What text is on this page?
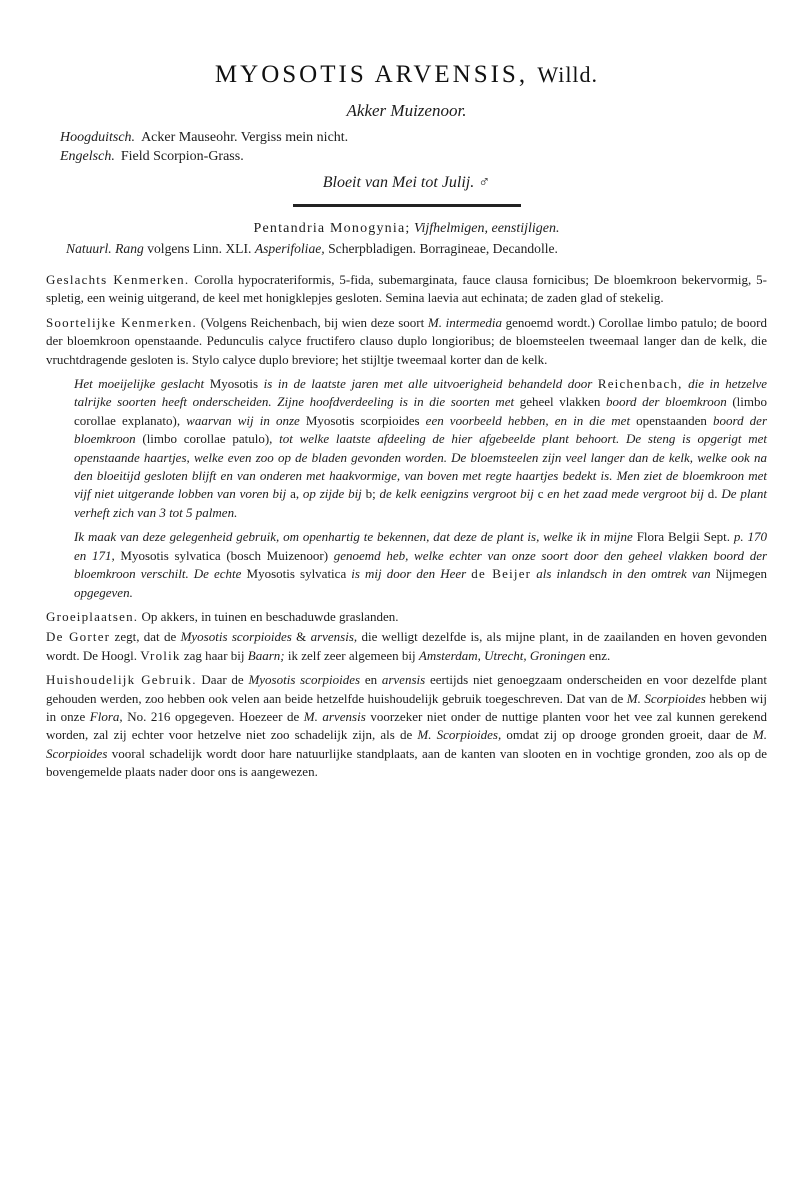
MYOSOTIS ARVENSIS, Willd.
Akker Muizenoor.
Hoogduitsch. Acker Mauseohr. Vergiss mein nicht.
Engelsch. Field Scorpion-Grass.
Bloeit van Mei tot Julij. ♂
Pentandria Monogynia; Vijfhelmigen, eenstijligen.
Natuurl. Rang volgens Linn. XLI. Asperifoliae, Scherpbladigen. Borragineae, Decandolle.

Geslachts Kenmerken. Corolla hypocrateriformis, 5-fida, subemarginata, fauce clausa fornicibus; De bloemkroon bekervormig, 5-spletig, een weinig uitgerand, de keel met honigklepjes gesloten. Semina laevia aut echinata; de zaden glad of stekelig.

Soortelijke Kenmerken. (Volgens Reichenbach, bij wien deze soort M. intermedia genoemd wordt.) Corollae limbo patulo; de boord der bloemkroon openstaande. Pedunculis calyce fructifero clauso duplo longioribus; de bloemsteelen tweemaal langer dan de kelk, die vruchtdragende gesloten is. Stylo calyce duplo breviore; het stijltje tweemaal korter dan de kelk.

Het moeijelijke geslacht Myosotis is in de laatste jaren met alle uitvoerigheid behandeld door Reichenbach, die in hetzelve talrijke soorten heeft onderscheiden. Zijne hoofdverdeeling is in die soorten met geheel vlakken boord der bloemkroon (limbo corollae explanato), waarvan wij in onze Myosotis scorpioides een voorbeeld hebben, en in die met openstaanden boord der bloemkroon (limbo corollae patulo), tot welke laatste afdeeling de hier afgebeelde plant behoort. De steng is opgerigt met openstaande haartjes, welke even zoo op de bladen gevonden worden. De bloemsteelen zijn veel langer dan de kelk, welke ook na den bloeitijd gesloten blijft en van onderen met haakvormige, van boven met regte haartjes bedekt is. Men ziet de bloemkroon met vijf niet uitgerande lobben van voren bij a, op zijde bij b; de kelk eenigzins vergroot bij c en het zaad mede vergroot bij d. De plant verheft zich van 3 tot 5 palmen.

Ik maak van deze gelegenheid gebruik, om openhartig te bekennen, dat deze de plant is, welke ik in mijne Flora Belgii Sept. p. 170 en 171, Myosotis sylvatica (bosch Muizenoor) genoemd heb, welke echter van onze soort door den geheel vlakken boord der bloemkroon verschilt. De echte Myosotis sylvatica is mij door den Heer de Beijer als inlandsch in den omtrek van Nijmegen opgegeven.

Groeiplaatsen. Op akkers, in tuinen en beschaduwde graslanden.

De Gorter zegt, dat de Myosotis scorpioides & arvensis, die welligt dezelfde is, als mijne plant, in de zaailanden en hoven gevonden wordt. De Hoogl. Vrolik zag haar bij Baarn; ik zelf zeer algemeen bij Amsterdam, Utrecht, Groningen enz.

Huishoudelijk Gebruik. Daar de Myosotis scorpioides en arvensis eertijds niet genoegzaam onderscheiden en voor dezelfde plant gehouden werden, zoo hebben ook velen aan beide hetzelfde huishoudelijk gebruik toegeschreven. Dat van de M. Scorpioides hebben wij in onze Flora, No. 216 opgegeven. Hoezeer de M. arvensis voorzeker niet onder de nuttige planten voor het vee zal kunnen gerekend worden, zal zij echter voor hetzelve niet zoo schadelijk zijn, als de M. Scorpioides, omdat zij op drooge gronden groeit, daar de M. Scorpioides vooral schadelijk wordt door hare natuurlijke standplaats, aan de kanten van slooten en in vochtige gronden, zoo als op de bovengemelde plaats nader door ons is aangewezen.
